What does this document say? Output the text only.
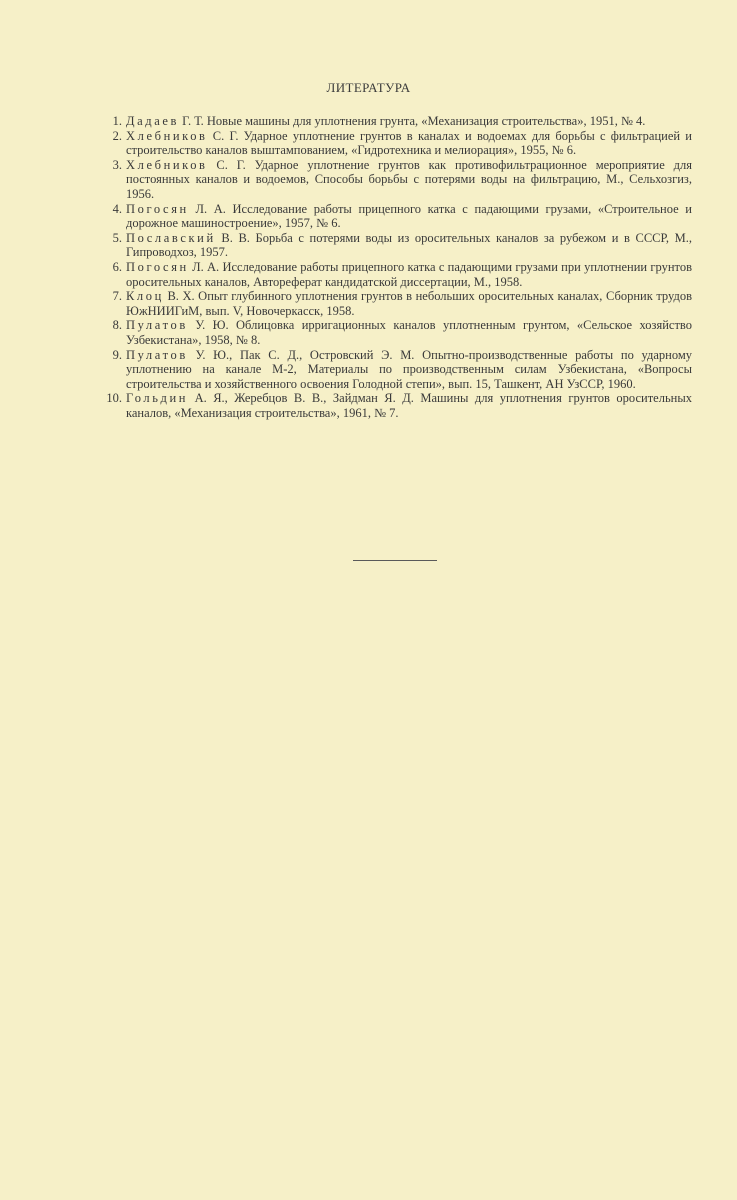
ЛИТЕРАТУРА
1. Дадаев Г. Т. Новые машины для уплотнения грунта, «Механизация строительства», 1951, № 4.
2. Хлебников С. Г. Ударное уплотнение грунтов в каналах и водоемах для борьбы с фильтрацией и строительство каналов выштампованием, «Гидротехника и мелиорация», 1955, № 6.
3. Хлебников С. Г. Ударное уплотнение грунтов как противофильтрационное мероприятие для постоянных каналов и водоемов, Способы борьбы с потерями воды на фильтрацию, М., Сельхозгиз, 1956.
4. Погосян Л. А. Исследование работы прицепного катка с падающими грузами, «Строительное и дорожное машиностроение», 1957, № 6.
5. Пославский В. В. Борьба с потерями воды из оросительных каналов за рубежом и в СССР, М., Гипроводхоз, 1957.
6. Погосян Л. А. Исследование работы прицепного катка с падающими грузами при уплотнении грунтов оросительных каналов, Автореферат кандидатской диссертации, М., 1958.
7. Клоц В. Х. Опыт глубинного уплотнения грунтов в небольших оросительных каналах, Сборник трудов ЮжНИИГиМ, вып. V, Новочеркасск, 1958.
8. Пулатов У. Ю. Облицовка ирригационных каналов уплотненным грунтом, «Сельское хозяйство Узбекистана», 1958, № 8.
9. Пулатов У. Ю., Пак С. Д., Островский Э. М. Опытно-производственные работы по ударному уплотнению на канале М-2, Материалы по производственным силам Узбекистана, «Вопросы строительства и хозяйственного освоения Голодной степи», вып. 15, Ташкент, АН УзССР, 1960.
10. Гольдин А. Я., Жеребцов В. В., Зайдман Я. Д. Машины для уплотнения грунтов оросительных каналов, «Механизация строительства», 1961, № 7.
